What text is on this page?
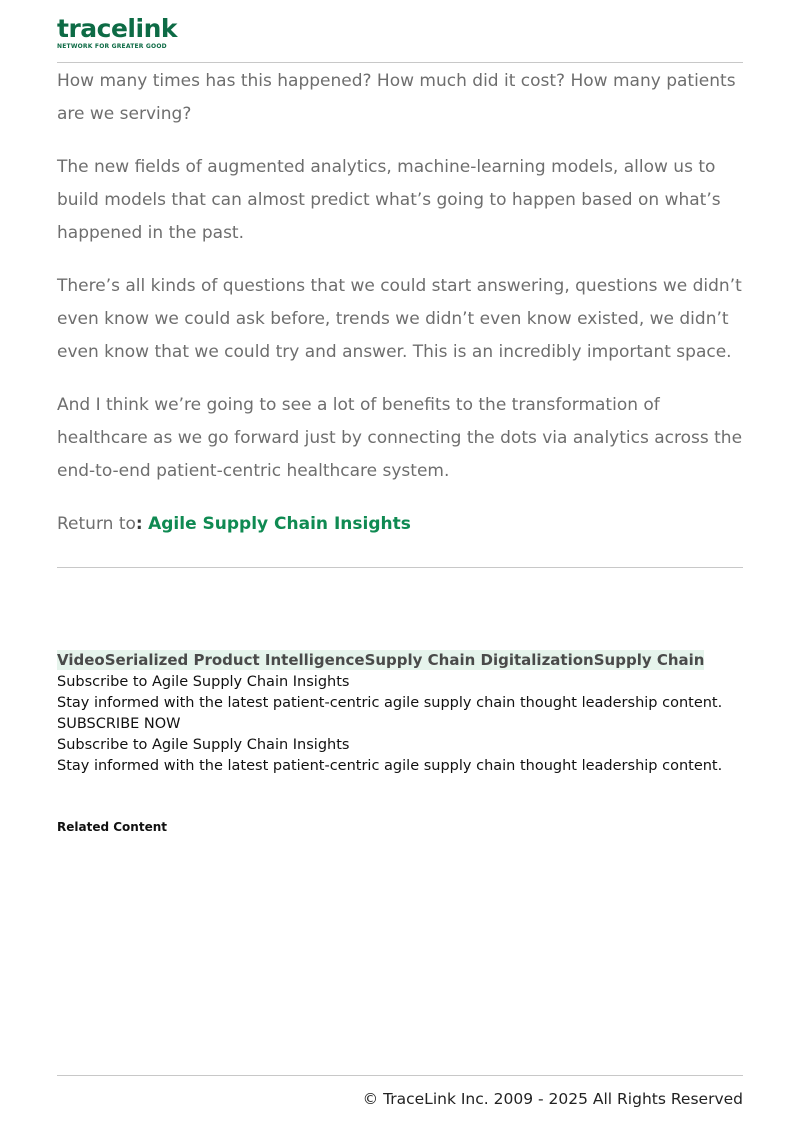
tracelink
NETWORK FOR GREATER GOOD

How many times has this happened? How much did it cost? How many patients are we serving?

The new fields of augmented analytics, machine-learning models, allow us to build models that can almost predict what’s going to happen based on what’s happened in the past.

There’s all kinds of questions that we could start answering, questions we didn’t even know we could ask before, trends we didn’t even know existed, we didn’t even know that we could try and answer. This is an incredibly important space.

And I think we’re going to see a lot of benefits to the transformation of healthcare as we go forward just by connecting the dots via analytics across the end-to-end patient-centric healthcare system.

Return to: Agile Supply Chain Insights
VideoSerialized Product IntelligenceSupply Chain DigitalizationSupply Chain
Subscribe to Agile Supply Chain Insights
Stay informed with the latest patient-centric agile supply chain thought leadership content.
SUBSCRIBE NOW
Subscribe to Agile Supply Chain Insights
Stay informed with the latest patient-centric agile supply chain thought leadership content.
Related Content
© TraceLink Inc. 2009 - 2025 All Rights Reserved
